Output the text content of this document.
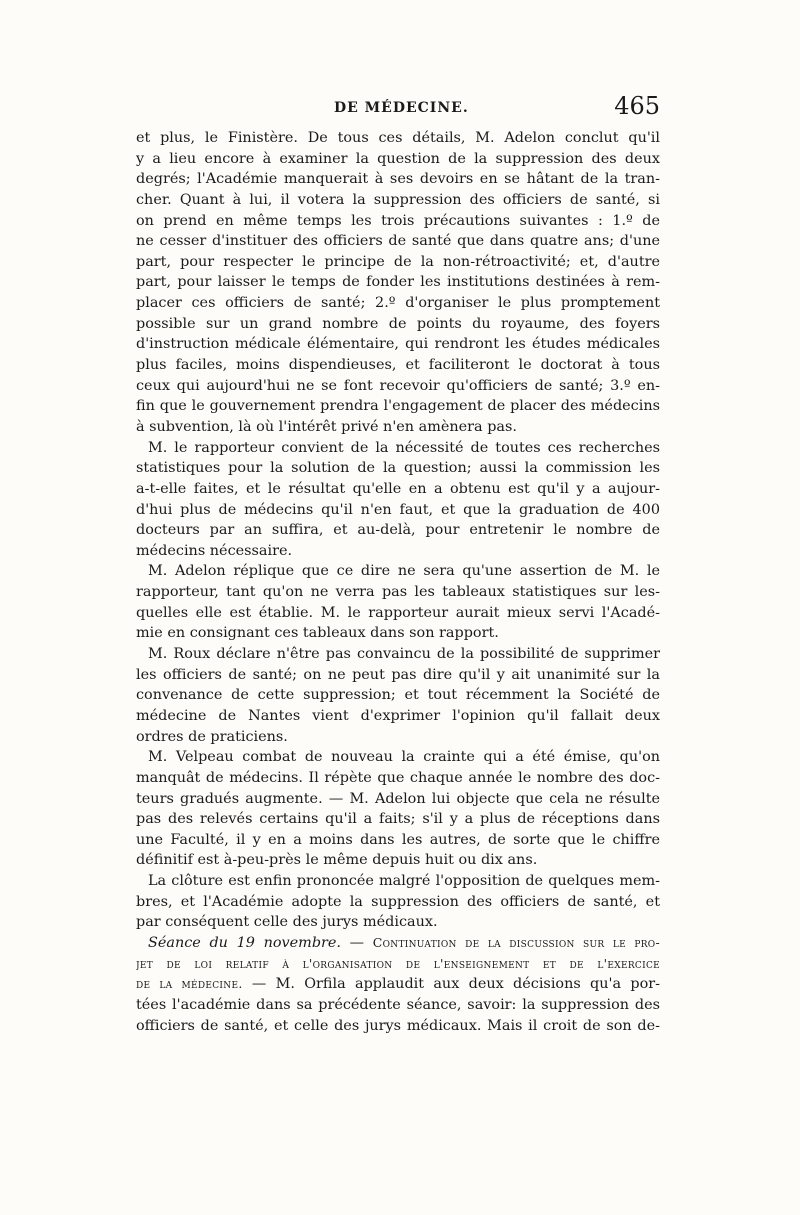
DE MÉDECINE.	465
et plus, le Finistère. De tous ces détails, M. Adelon conclut qu'il
y a lieu encore à examiner la question de la suppression des deux
degrés; l'Académie manquerait à ses devoirs en se hâtant de la tran-
cher. Quant à lui, il votera la suppression des officiers de santé, si
on prend en même temps les trois précautions suivantes : 1.º de
ne cesser d'instituer des officiers de santé que dans quatre ans; d'une
part, pour respecter le principe de la non-rétroactivité; et, d'autre
part, pour laisser le temps de fonder les institutions destinées à rem-
placer ces officiers de santé; 2.º d'organiser le plus promptement
possible sur un grand nombre de points du royaume, des foyers
d'instruction médicale élémentaire, qui rendront les études médicales
plus faciles, moins dispendieuses, et faciliteront le doctorat à tous
ceux qui aujourd'hui ne se font recevoir qu'officiers de santé; 3.º en-
fin que le gouvernement prendra l'engagement de placer des médecins
à subvention, là où l'intérêt privé n'en amènera pas.
M. le rapporteur convient de la nécessité de toutes ces recherches
statistiques pour la solution de la question; aussi la commission les
a-t-elle faites, et le résultat qu'elle en a obtenu est qu'il y a aujour-
d'hui plus de médecins qu'il n'en faut, et que la graduation de 400
docteurs par an suffira, et au-delà, pour entretenir le nombre de
médecins nécessaire.
M. Adelon réplique que ce dire ne sera qu'une assertion de M. le
rapporteur, tant qu'on ne verra pas les tableaux statistiques sur les-
quelles elle est établie. M. le rapporteur aurait mieux servi l'Acadé-
mie en consignant ces tableaux dans son rapport.
M. Roux déclare n'être pas convaincu de la possibilité de supprimer
les officiers de santé; on ne peut pas dire qu'il y ait unanimité sur la
convenance de cette suppression; et tout récemment la Société de
médecine de Nantes vient d'exprimer l'opinion qu'il fallait deux
ordres de praticiens.
M. Velpeau combat de nouveau la crainte qui a été émise, qu'on
manquât de médecins. Il répète que chaque année le nombre des doc-
teurs gradués augmente. — M. Adelon lui objecte que cela ne résulte
pas des relevés certains qu'il a faits; s'il y a plus de réceptions dans
une Faculté, il y en a moins dans les autres, de sorte que le chiffre
définitif est à-peu-près le même depuis huit ou dix ans.
La clôture est enfin prononcée malgré l'opposition de quelques mem-
bres, et l'Académie adopte la suppression des officiers de santé, et
par conséquent celle des jurys médicaux.
Séance du 19 novembre. — Continuation de la discussion sur le pro-
jet de loi relatif à l'organisation de l'enseignement et de l'exercice
de la médecine. — M. Orfila applaudit aux deux décisions qu'a por-
tées l'académie dans sa précédente séance, savoir: la suppression des
officiers de santé, et celle des jurys médicaux. Mais il croit de son de-
